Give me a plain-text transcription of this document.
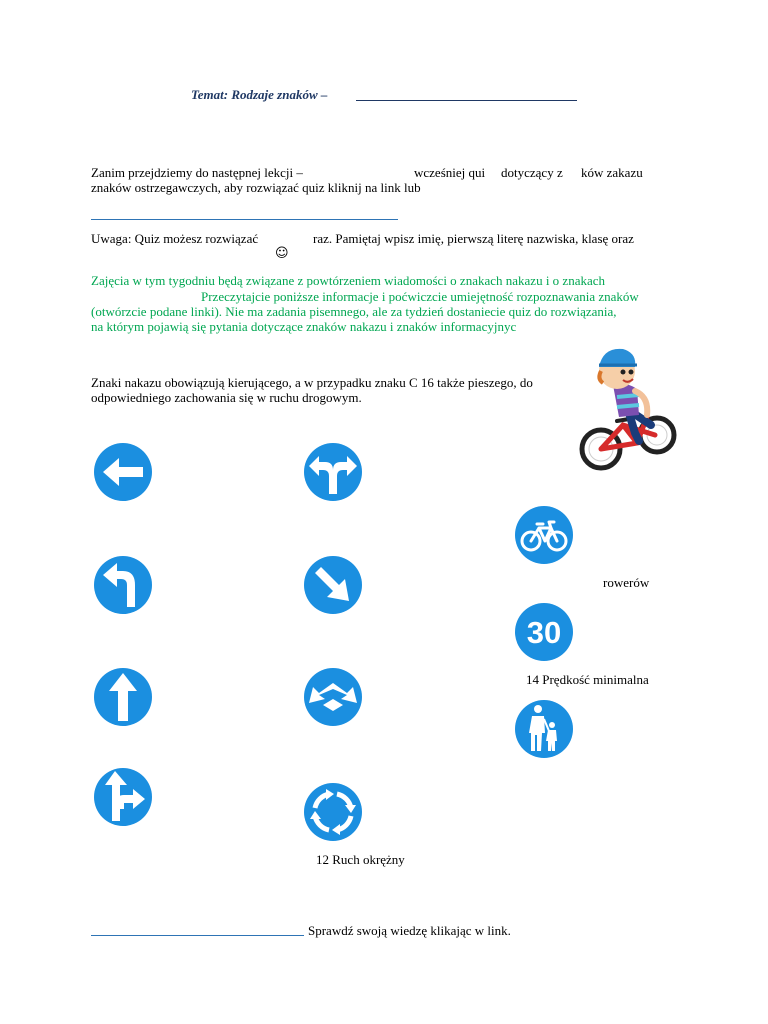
Temat: Rodzaje znaków –
Zanim przejdziemy do następnej lekcji –	wcześniej qui dotyczący z ków zakazu
znaków ostrzegawczych, aby rozwiązać quiz kliknij na link lub
Uwaga: Quiz możesz rozwiązać	raz. Pamiętaj wpisz imię, pierwszą literę nazwiska, klasę oraz
☺
Zajęcia w tym tygodniu będą związane z powtórzeniem wiadomości o znakach nakazu i o znakach
Przeczytajcie poniższe informacje i poćwiczcie umiejętność rozpoznawania znaków
(otwórzcie podane linki). Nie ma zadania pisemnego, ale za tydzień dostaniecie quiz do rozwiązania,
na którym pojawią się pytania dotyczące znaków nakazu i znaków informacyjnyc
Znaki nakazu obowiązują kierującego, a w przypadku znaku C 16 także pieszego, do
odpowiedniego zachowania się w ruchu drogowym.
rowerów
30
14 Prędkość minimalna
12 Ruch okrężny
Sprawdź swoją wiedzę klikając w link.
